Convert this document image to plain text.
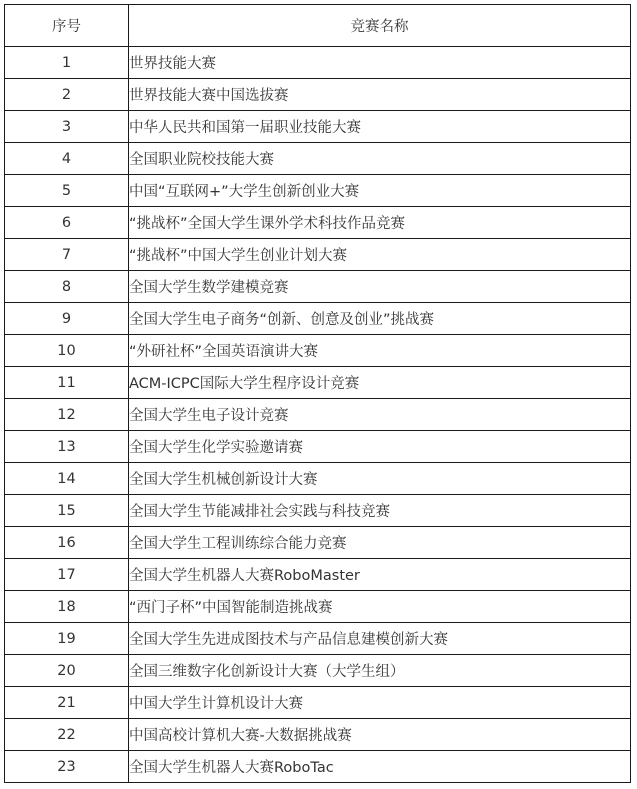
序号	竞赛名称
1	世界技能大赛
2	世界技能大赛中国选拔赛
3	中华人民共和国第一届职业技能大赛
4	全国职业院校技能大赛
5	中国“互联网+”大学生创新创业大赛
6	“挑战杯”全国大学生课外学术科技作品竞赛
7	“挑战杯”中国大学生创业计划大赛
8	全国大学生数学建模竞赛
9	全国大学生电子商务“创新、创意及创业”挑战赛
10	“外研社杯”全国英语演讲大赛
11	ACM-ICPC国际大学生程序设计竞赛
12	全国大学生电子设计竞赛
13	全国大学生化学实验邀请赛
14	全国大学生机械创新设计大赛
15	全国大学生节能减排社会实践与科技竞赛
16	全国大学生工程训练综合能力竞赛
17	全国大学生机器人大赛RoboMaster
18	“西门子杯”中国智能制造挑战赛
19	全国大学生先进成图技术与产品信息建模创新大赛
20	全国三维数字化创新设计大赛（大学生组）
21	中国大学生计算机设计大赛
22	中国高校计算机大赛-大数据挑战赛
23	全国大学生机器人大赛RoboTac
